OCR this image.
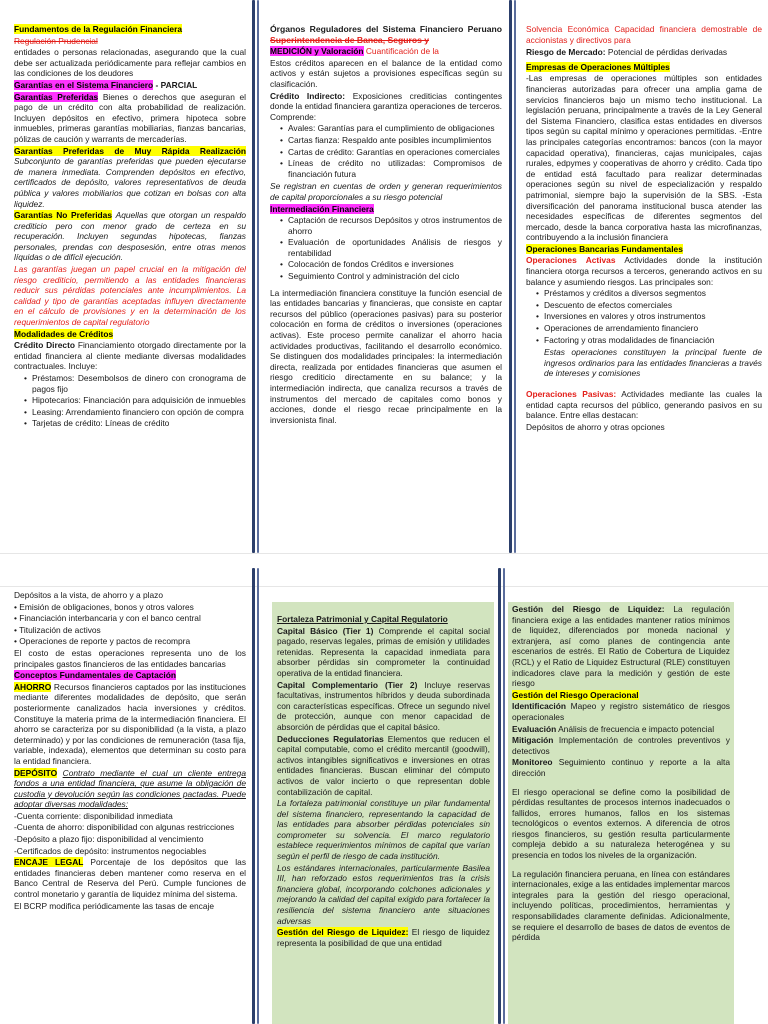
Fundamentos de la Regulación Financiera

Regulación Prudencial

entidades o personas relacionadas, asegurando que la cual debe ser actualizada periódicamente para reflejar cambios en las condiciones de los deudores

Garantías en el Sistema Financiero - PARCIAL

Garantías Preferidas Bienes o derechos que aseguran el pago de un crédito con alta probabilidad de realización. Incluyen depósitos en efectivo, primera hipoteca sobre inmuebles, primeras garantías mobiliarias, fianzas bancarias, pólizas de caución y warrants de mercaderías.

Garantías Preferidas de Muy Rápida Realización Subconjunto de garantías preferidas que pueden ejecutarse de manera inmediata. Comprenden depósitos en efectivo, certificados de depósito, valores representativos de deuda pública y valores mobiliarios que cotizan en bolsas con alta liquidez.

Garantías No Preferidas Aquellas que otorgan un respaldo crediticio pero con menor grado de certeza en su recuperación. Incluyen segundas hipotecas, fianzas personales, prendas con desposesión, entre otras menos líquidas o de difícil ejecución.

Las garantías juegan un papel crucial en la mitigación del riesgo crediticio, permitiendo a las entidades financieras reducir sus pérdidas potenciales ante incumplimientos. La calidad y tipo de garantías aceptadas influyen directamente en el cálculo de provisiones y en la determinación de los requerimientos de capital regulatorio

Modalidades de Créditos

Crédito Directo Financiamiento otorgado directamente por la entidad financiera al cliente mediante diversas modalidades contractuales. Incluye:

• Préstamos: Desembolsos de dinero con cronograma de pagos fijo
• Hipotecarios: Financiación para adquisición de inmuebles
• Leasing: Arrendamiento financiero con opción de compra
• Tarjetas de crédito: Líneas de crédito

Órganos Reguladores del Sistema Financiero Peruano Superintendencia de Banca, Seguros y

MEDICIÓN y Valoración Cuantificación de la

Estos créditos aparecen en el balance de la entidad como activos y están sujetos a provisiones específicas según su clasificación.

Crédito Indirecto: Exposiciones crediticias contingentes donde la entidad financiera garantiza operaciones de terceros. Comprende:

• Avales: Garantías para el cumplimiento de obligaciones
• Cartas fianza: Respaldo ante posibles incumplimientos
• Cartas de crédito: Garantías en operaciones comerciales
• Líneas de crédito no utilizadas: Compromisos de financiación futura

Se registran en cuentas de orden y generan requerimientos de capital proporcionales a su riesgo potencial

Intermediación Financiera

• Captación de recursos Depósitos y otros instrumentos de ahorro
• Evaluación de oportunidades Análisis de riesgos y rentabilidad
• Colocación de fondos Créditos e inversiones
• Seguimiento Control y administración del ciclo

La intermediación financiera constituye la función esencial de las entidades bancarias y financieras, que consiste en captar recursos del público (operaciones pasivas) para su posterior colocación en forma de créditos o inversiones (operaciones activas). Este proceso permite canalizar el ahorro hacia actividades productivas, facilitando el desarrollo económico. Se distinguen dos modalidades principales: la intermediación directa, realizada por entidades financieras que asumen el riesgo crediticio directamente en su balance; y la intermediación indirecta, que canaliza recursos a través de instrumentos del mercado de capitales como bonos y acciones, donde el riesgo recae principalmente en la inversionista final.

Solvencia Económica Capacidad financiera demostrable de accionistas y directivos para

Riesgo de Mercado: Potencial de pérdidas derivadas

Empresas de Operaciones Múltiples

-Las empresas de operaciones múltiples son entidades financieras autorizadas para ofrecer una amplia gama de servicios financieros bajo un mismo techo institucional. La legislación peruana, principalmente a través de la Ley General del Sistema Financiero, clasifica estas entidades en diversos tipos según su capital mínimo y operaciones permitidas. -Entre las principales categorías encontramos: bancos (con la mayor capacidad operativa), financieras, cajas municipales, cajas rurales, edpymes y cooperativas de ahorro y crédito. Cada tipo de entidad está facultado para realizar determinadas operaciones según su nivel de especialización y respaldo patrimonial, siempre bajo la supervisión de la SBS. -Esta diversificación del panorama institucional busca atender las necesidades específicas de diferentes segmentos del mercado, desde la banca corporativa hasta las microfinanzas, contribuyendo a la inclusión financiera

Operaciones Bancarias Fundamentales

Operaciones Activas Actividades donde la institución financiera otorga recursos a terceros, generando activos en su balance y asumiendo riesgos. Las principales son:

• Préstamos y créditos a diversos segmentos
• Descuento de efectos comerciales
• Inversiones en valores y otros instrumentos
• Operaciones de arrendamiento financiero
• Factoring y otras modalidades de financiación

Estas operaciones constituyen la principal fuente de ingresos ordinarios para las entidades financieras a través de intereses y comisiones

Operaciones Pasivas: Actividades mediante las cuales la entidad capta recursos del público, generando pasivos en su balance. Entre ellas destacan:

Depósitos de ahorro y otras opciones

Depósitos a la vista, de ahorro y a plazo

• Emisión de obligaciones, bonos y otros valores

• Financiación interbancaria y con el banco central

• Titulización de activos

• Operaciones de reporte y pactos de recompra

El costo de estas operaciones representa uno de los principales gastos financieros de las entidades bancarias

Conceptos Fundamentales de Captación

AHORRO Recursos financieros captados por las instituciones mediante diferentes modalidades de depósito, que serán posteriormente canalizados hacia inversiones y créditos. Constituye la materia prima de la intermediación financiera. El ahorro se caracteriza por su disponibilidad (a la vista, a plazo determinado) y por las condiciones de remuneración (tasa fija, variable, indexada), elementos que determinan su costo para la entidad financiera.

DEPÓSITO Contrato mediante el cual un cliente entrega fondos a una entidad financiera, que asume la obligación de custodia y devolución según las condiciones pactadas. Puede adoptar diversas modalidades:

-Cuenta corriente: disponibilidad inmediata

-Cuenta de ahorro: disponibilidad con algunas restricciones

-Depósito a plazo fijo: disponibilidad al vencimiento

-Certificados de depósito: instrumentos negociables

ENCAJE LEGAL Porcentaje de los depósitos que las entidades financieras deben mantener como reserva en el Banco Central de Reserva del Perú. Cumple funciones de control monetario y garantía de liquidez mínima del sistema.

El BCRP modifica periódicamente las tasas de encaje

Fortaleza Patrimonial y Capital Regulatorio

Capital Básico (Tier 1) Comprende el capital social pagado, reservas legales, primas de emisión y utilidades retenidas. Representa la capacidad inmediata para absorber pérdidas sin comprometer la continuidad operativa de la entidad financiera.

Capital Complementario (Tier 2) Incluye reservas facultativas, instrumentos híbridos y deuda subordinada con características específicas. Ofrece un segundo nivel de protección, aunque con menor capacidad de absorción de pérdidas que el capital básico.

Deducciones Regulatorias Elementos que reducen el capital computable, como el crédito mercantil (goodwill), activos intangibles significativos e inversiones en otras entidades financieras. Buscan eliminar del cómputo activos de valor incierto o que representan doble contabilización de capital.

La fortaleza patrimonial constituye un pilar fundamental del sistema financiero, representando la capacidad de las entidades para absorber pérdidas potenciales sin comprometer su solvencia. El marco regulatorio establece requerimientos mínimos de capital que varían según el perfil de riesgo de cada institución.

Los estándares internacionales, particularmente Basilea III, han reforzado estos requerimientos tras la crisis financiera global, incorporando colchones adicionales y mejorando la calidad del capital exigido para fortalecer la resiliencia del sistema financiero ante situaciones adversas

Gestión del Riesgo de Liquidez: El riesgo de liquidez representa la posibilidad de que una entidad

Gestión del Riesgo de Liquidez: La regulación financiera exige a las entidades mantener ratios mínimos de liquidez, diferenciados por moneda nacional y extranjera, así como planes de contingencia ante escenarios de estrés. El Ratio de Cobertura de Liquidez (RCL) y el Ratio de Liquidez Estructural (RLE) constituyen indicadores clave para la medición y gestión de este riesgo

Gestión del Riesgo Operacional

Identificación Mapeo y registro sistemático de riesgos operacionales

Evaluación Análisis de frecuencia e impacto potencial

Mitigación Implementación de controles preventivos y detectivos

Monitoreo Seguimiento continuo y reporte a la alta dirección

El riesgo operacional se define como la posibilidad de pérdidas resultantes de procesos internos inadecuados o fallidos, errores humanos, fallos en los sistemas tecnológicos o eventos externos. A diferencia de otros riesgos financieros, su gestión resulta particularmente compleja debido a su naturaleza heterogénea y su presencia en todos los niveles de la organización.

La regulación financiera peruana, en línea con estándares internacionales, exige a las entidades implementar marcos integrales para la gestión del riesgo operacional, incluyendo políticas, procedimientos, herramientas y responsabilidades claramente definidas. Adicionalmente, se requiere el desarrollo de bases de datos de eventos de pérdida
